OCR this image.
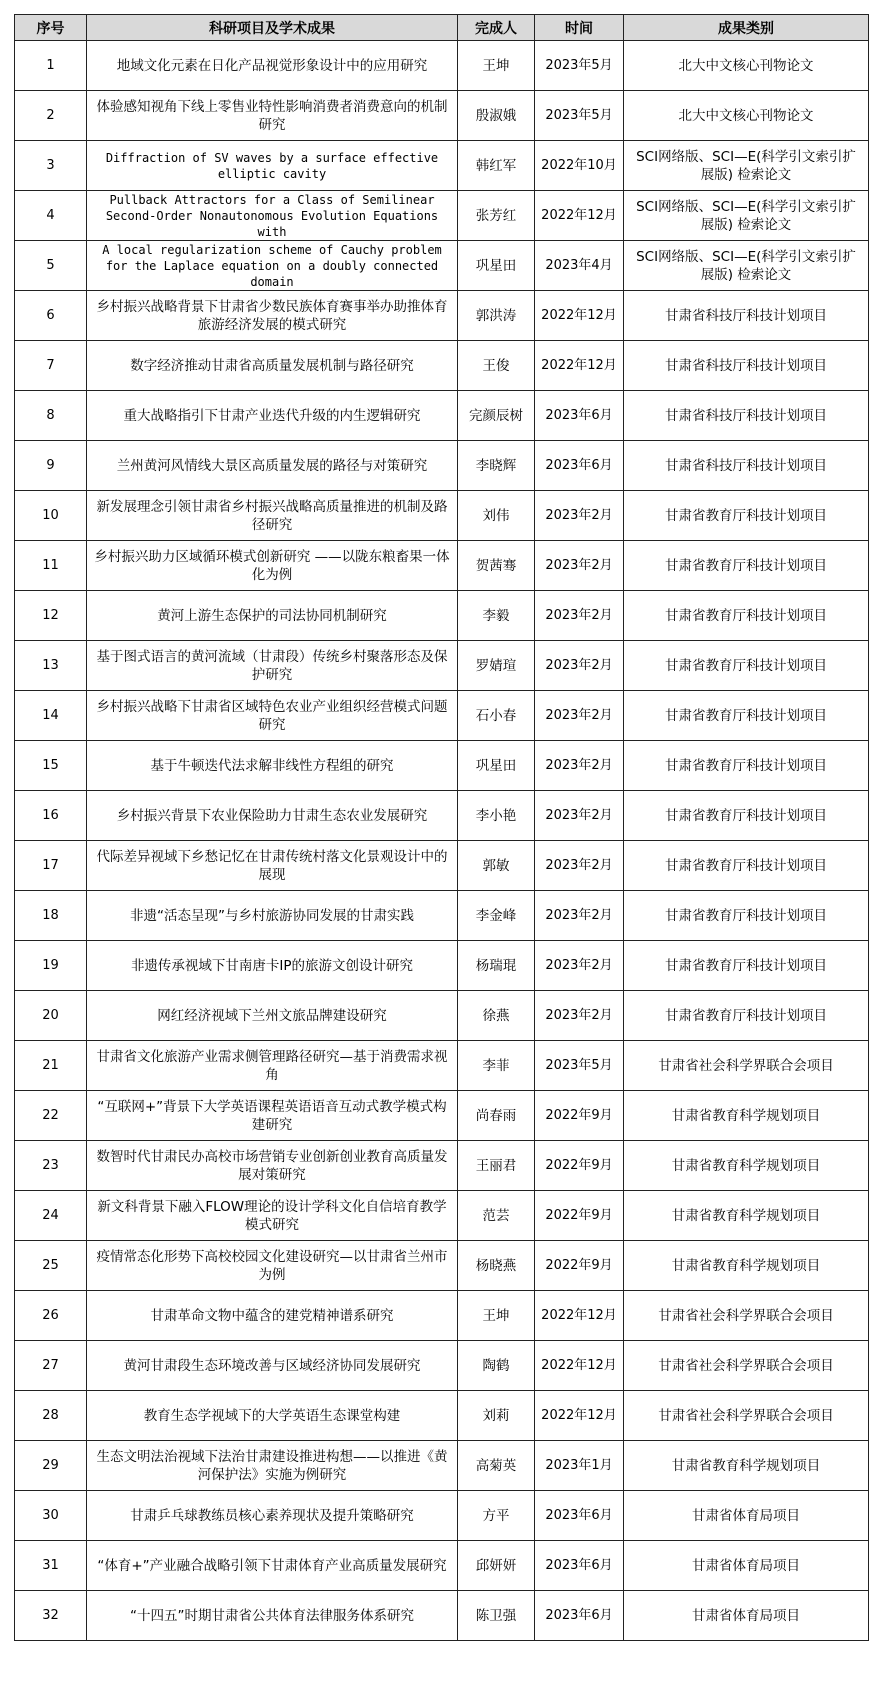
序号	科研项目及学术成果	完成人	时间	成果类别
1	地域文化元素在日化产品视觉形象设计中的应用研究	王坤	2023年5月	北大中文核心刊物论文
2	体验感知视角下线上零售业特性影响消费者消费意向的机制研究	殷淑娥	2023年5月	北大中文核心刊物论文
3	Diffraction of SV waves by a surface effective elliptic cavity	韩红军	2022年10月	SCI网络版、SCI—E(科学引文索引扩展版) 检索论文
4	Pullback Attractors for a Class of Semilinear Second-Order Nonautonomous Evolution Equations with	张芳红	2022年12月	SCI网络版、SCI—E(科学引文索引扩展版) 检索论文
5	A local regularization scheme of Cauchy problem for the Laplace equation on a doubly connected domain	巩星田	2023年4月	SCI网络版、SCI—E(科学引文索引扩展版) 检索论文
6	乡村振兴战略背景下甘肃省少数民族体育赛事举办助推体育旅游经济发展的模式研究	郭洪涛	2022年12月	甘肃省科技厅科技计划项目
7	数字经济推动甘肃省高质量发展机制与路径研究	王俊	2022年12月	甘肃省科技厅科技计划项目
8	重大战略指引下甘肃产业迭代升级的内生逻辑研究	完颜辰树	2023年6月	甘肃省科技厅科技计划项目
9	兰州黄河风情线大景区高质量发展的路径与对策研究	李晓辉	2023年6月	甘肃省科技厅科技计划项目
10	新发展理念引领甘肃省乡村振兴战略高质量推进的机制及路径研究	刘伟	2023年2月	甘肃省教育厅科技计划项目
11	乡村振兴助力区域循环模式创新研究 ——以陇东粮畜果一体化为例	贺茜骞	2023年2月	甘肃省教育厅科技计划项目
12	黄河上游生态保护的司法协同机制研究	李毅	2023年2月	甘肃省教育厅科技计划项目
13	基于图式语言的黄河流域（甘肃段）传统乡村聚落形态及保护研究	罗婧瑄	2023年2月	甘肃省教育厅科技计划项目
14	乡村振兴战略下甘肃省区域特色农业产业组织经营模式问题研究	石小春	2023年2月	甘肃省教育厅科技计划项目
15	基于牛顿迭代法求解非线性方程组的研究	巩星田	2023年2月	甘肃省教育厅科技计划项目
16	乡村振兴背景下农业保险助力甘肃生态农业发展研究	李小艳	2023年2月	甘肃省教育厅科技计划项目
17	代际差异视域下乡愁记忆在甘肃传统村落文化景观设计中的展现	郭敏	2023年2月	甘肃省教育厅科技计划项目
18	非遗“活态呈现”与乡村旅游协同发展的甘肃实践	李金峰	2023年2月	甘肃省教育厅科技计划项目
19	非遗传承视域下甘南唐卡IP的旅游文创设计研究	杨瑞琨	2023年2月	甘肃省教育厅科技计划项目
20	网红经济视域下兰州文旅品牌建设研究	徐燕	2023年2月	甘肃省教育厅科技计划项目
21	甘肃省文化旅游产业需求侧管理路径研究—基于消费需求视角	李菲	2023年5月	甘肃省社会科学界联合会项目
22	“互联网+”背景下大学英语课程英语语音互动式教学模式构建研究	尚春雨	2022年9月	甘肃省教育科学规划项目
23	数智时代甘肃民办高校市场营销专业创新创业教育高质量发展对策研究	王丽君	2022年9月	甘肃省教育科学规划项目
24	新文科背景下融入FLOW理论的设计学科文化自信培育教学模式研究	范芸	2022年9月	甘肃省教育科学规划项目
25	疫情常态化形势下高校校园文化建设研究—以甘肃省兰州市为例	杨晓燕	2022年9月	甘肃省教育科学规划项目
26	甘肃革命文物中蕴含的建党精神谱系研究	王坤	2022年12月	甘肃省社会科学界联合会项目
27	黄河甘肃段生态环境改善与区域经济协同发展研究	陶鹤	2022年12月	甘肃省社会科学界联合会项目
28	教育生态学视域下的大学英语生态课堂构建	刘莉	2022年12月	甘肃省社会科学界联合会项目
29	生态文明法治视域下法治甘肃建设推进构想——以推进《黄河保护法》实施为例研究	高菊英	2023年1月	甘肃省教育科学规划项目
30	甘肃乒乓球教练员核心素养现状及提升策略研究	方平	2023年6月	甘肃省体育局项目
31	“体育+”产业融合战略引领下甘肃体育产业高质量发展研究	邱妍妍	2023年6月	甘肃省体育局项目
32	“十四五”时期甘肃省公共体育法律服务体系研究	陈卫强	2023年6月	甘肃省体育局项目
